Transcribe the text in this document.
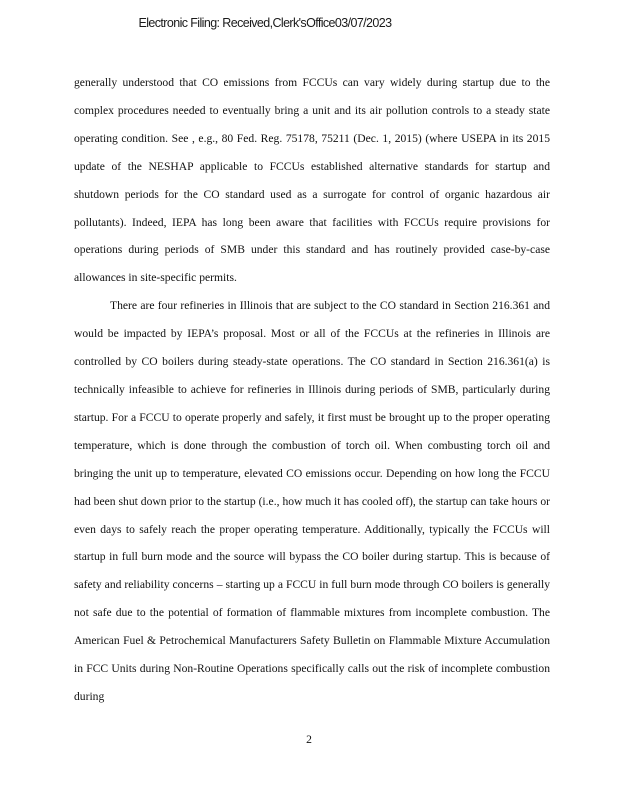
Electronic Filing: Received,Clerk'sOffice03/07/2023

generally understood that CO emissions from FCCUs can vary widely during startup due to the complex procedures needed to eventually bring a unit and its air pollution controls to a steady state operating condition. See , e.g., 80 Fed. Reg. 75178, 75211 (Dec. 1, 2015) (where USEPA in its 2015 update of the NESHAP applicable to FCCUs established alternative standards for startup and shutdown periods for the CO standard used as a surrogate for control of organic hazardous air pollutants). Indeed, IEPA has long been aware that facilities with FCCUs require provisions for operations during periods of SMB under this standard and has routinely provided case-by-case allowances in site-specific permits.

There are four refineries in Illinois that are subject to the CO standard in Section 216.361 and would be impacted by IEPA’s proposal. Most or all of the FCCUs at the refineries in Illinois are controlled by CO boilers during steady-state operations. The CO standard in Section 216.361(a) is technically infeasible to achieve for refineries in Illinois during periods of SMB, particularly during startup. For a FCCU to operate properly and safely, it first must be brought up to the proper operating temperature, which is done through the combustion of torch oil. When combusting torch oil and bringing the unit up to temperature, elevated CO emissions occur. Depending on how long the FCCU had been shut down prior to the startup (i.e., how much it has cooled off), the startup can take hours or even days to safely reach the proper operating temperature. Additionally, typically the FCCUs will startup in full burn mode and the source will bypass the CO boiler during startup. This is because of safety and reliability concerns – starting up a FCCU in full burn mode through CO boilers is generally not safe due to the potential of formation of flammable mixtures from incomplete combustion. The American Fuel & Petrochemical Manufacturers Safety Bulletin on Flammable Mixture Accumulation in FCC Units during Non-Routine Operations specifically calls out the risk of incomplete combustion during

2
